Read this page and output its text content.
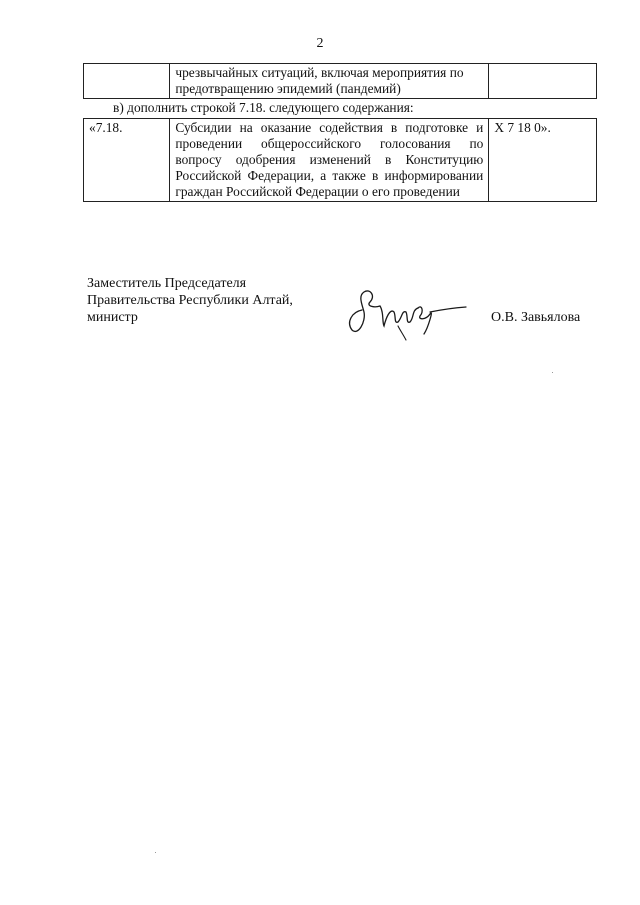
2
	чрезвычайных ситуаций, включая мероприятия по предотвращению эпидемий (пандемий)	
в) дополнить строкой 7.18. следующего содержания:
«7.18.	Субсидии на оказание содействия в подготовке и проведении общероссийского голосования по вопросу одобрения изменений в Конституцию Российской Федерации, а также в информировании граждан Российской Федерации о его проведении	Х 7 18 0».
Заместитель Председателя
Правительства Республики Алтай,
министр	О.В. Завьялова
